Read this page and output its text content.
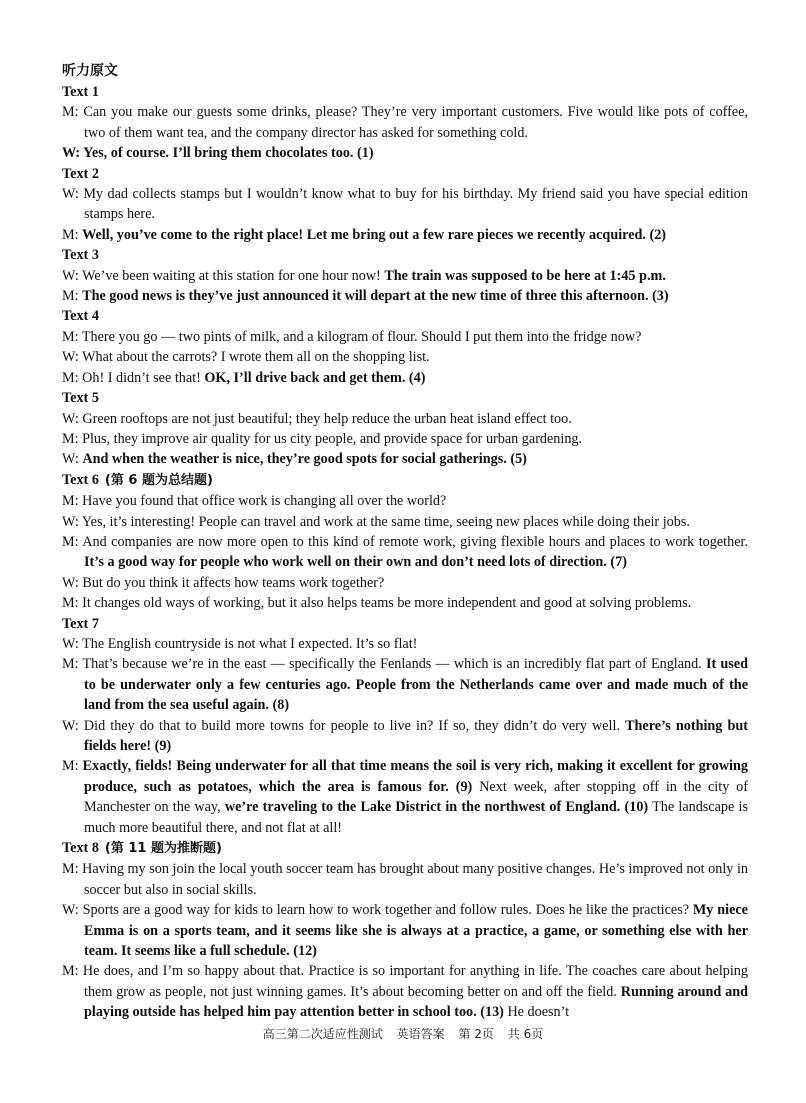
听力原文
Text 1
M: Can you make our guests some drinks, please? They’re very important customers. Five would like pots of coffee, two of them want tea, and the company director has asked for something cold.
W: Yes, of course. I’ll bring them chocolates too. (1)
Text 2
W: My dad collects stamps but I wouldn’t know what to buy for his birthday. My friend said you have special edition stamps here.
M: Well, you’ve come to the right place! Let me bring out a few rare pieces we recently acquired. (2)
Text 3
W: We’ve been waiting at this station for one hour now! The train was supposed to be here at 1:45 p.m.
M: The good news is they’ve just announced it will depart at the new time of three this afternoon. (3)
Text 4
M: There you go — two pints of milk, and a kilogram of flour. Should I put them into the fridge now?
W: What about the carrots? I wrote them all on the shopping list.
M: Oh! I didn’t see that! OK, I’ll drive back and get them. (4)
Text 5
W: Green rooftops are not just beautiful; they help reduce the urban heat island effect too.
M: Plus, they improve air quality for us city people, and provide space for urban gardening.
W: And when the weather is nice, they’re good spots for social gatherings. (5)
Text 6 (第 6 题为总结题)
M: Have you found that office work is changing all over the world?
W: Yes, it’s interesting! People can travel and work at the same time, seeing new places while doing their jobs.
M: And companies are now more open to this kind of remote work, giving flexible hours and places to work together. It’s a good way for people who work well on their own and don’t need lots of direction. (7)
W: But do you think it affects how teams work together?
M: It changes old ways of working, but it also helps teams be more independent and good at solving problems.
Text 7
W: The English countryside is not what I expected. It’s so flat!
M: That’s because we’re in the east — specifically the Fenlands — which is an incredibly flat part of England. It used to be underwater only a few centuries ago. People from the Netherlands came over and made much of the land from the sea useful again. (8)
W: Did they do that to build more towns for people to live in? If so, they didn’t do very well. There’s nothing but fields here! (9)
M: Exactly, fields! Being underwater for all that time means the soil is very rich, making it excellent for growing produce, such as potatoes, which the area is famous for. (9) Next week, after stopping off in the city of Manchester on the way, we’re traveling to the Lake District in the northwest of England. (10) The landscape is much more beautiful there, and not flat at all!
Text 8 (第 11 题为推断题)
M: Having my son join the local youth soccer team has brought about many positive changes. He’s improved not only in soccer but also in social skills.
W: Sports are a good way for kids to learn how to work together and follow rules. Does he like the practices? My niece Emma is on a sports team, and it seems like she is always at a practice, a game, or something else with her team. It seems like a full schedule. (12)
M: He does, and I’m so happy about that. Practice is so important for anything in life. The coaches care about helping them grow as people, not just winning games. It’s about becoming better on and off the field. Running around and playing outside has helped him pay attention better in school too. (13) He doesn’t
高三第二次适应性测试 英语答案 第 2页 共 6页
